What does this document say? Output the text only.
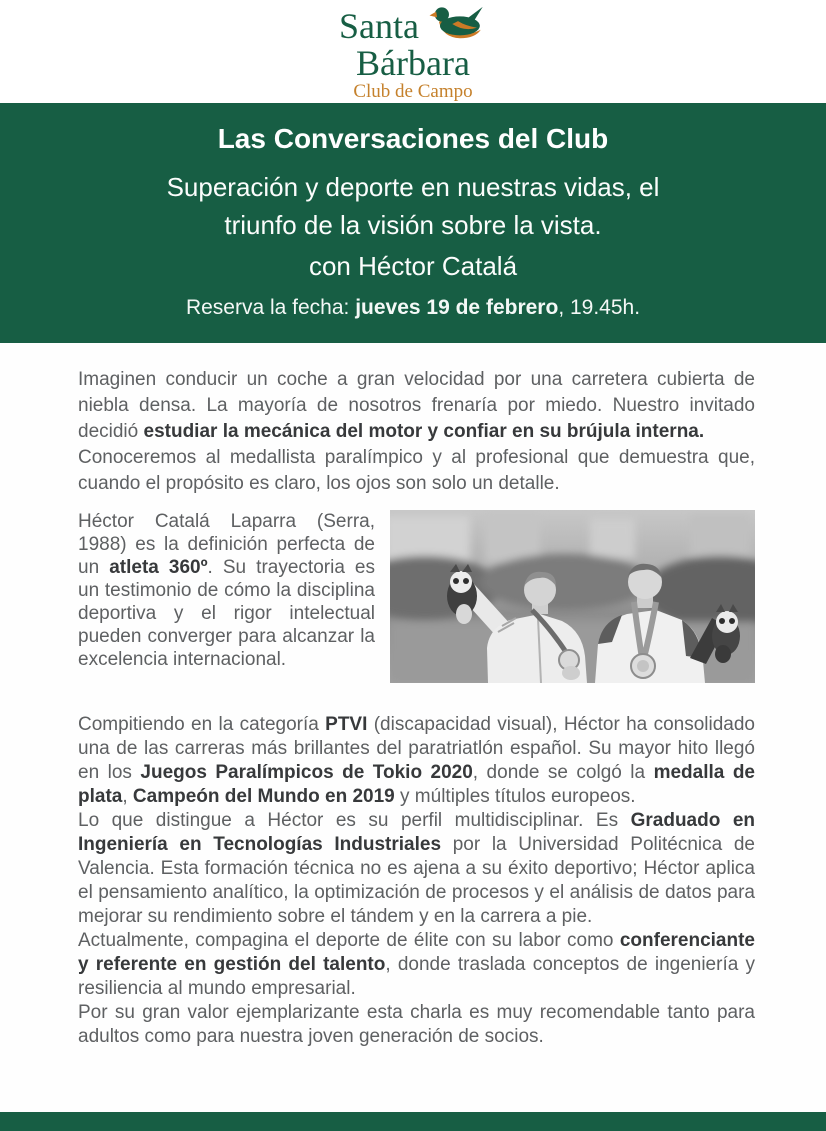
Santa
Bárbara
Club de Campo
Las Conversaciones del Club
Superación y deporte en nuestras vidas, el
triunfo de la visión sobre la vista.
con Héctor Catalá
Reserva la fecha: jueves 19 de febrero, 19.45h.

Imaginen conducir un coche a gran velocidad por una carretera cubierta de niebla densa. La mayoría de nosotros frenaría por miedo. Nuestro invitado decidió estudiar la mecánica del motor y confiar en su brújula interna.

Conoceremos al medallista paralímpico y al profesional que demuestra que, cuando el propósito es claro, los ojos son solo un detalle.

Héctor Catalá Laparra (Serra, 1988) es la definición perfecta de un atleta 360º. Su trayectoria es un testimonio de cómo la disciplina deportiva y el rigor intelectual pueden converger para alcanzar la excelencia internacional.

Compitiendo en la categoría PTVI (discapacidad visual), Héctor ha consolidado una de las carreras más brillantes del paratriatlón español. Su mayor hito llegó en los Juegos Paralímpicos de Tokio 2020, donde se colgó la medalla de plata, Campeón del Mundo en 2019 y múltiples títulos europeos.

Lo que distingue a Héctor es su perfil multidisciplinar. Es Graduado en Ingeniería en Tecnologías Industriales por la Universidad Politécnica de Valencia. Esta formación técnica no es ajena a su éxito deportivo; Héctor aplica el pensamiento analítico, la optimización de procesos y el análisis de datos para mejorar su rendimiento sobre el tándem y en la carrera a pie.

Actualmente, compagina el deporte de élite con su labor como conferenciante y referente en gestión del talento, donde traslada conceptos de ingeniería y resiliencia al mundo empresarial.

Por su gran valor ejemplarizante esta charla es muy recomendable tanto para adultos como para nuestra joven generación de socios.
